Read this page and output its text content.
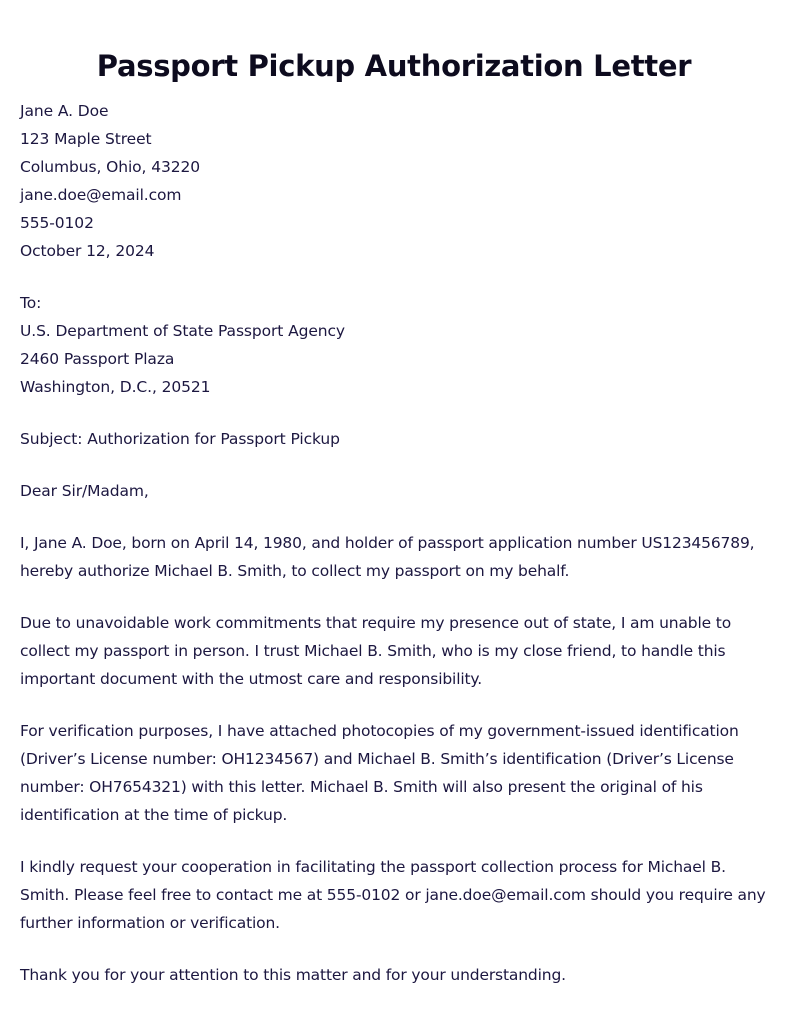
Passport Pickup Authorization Letter
Jane A. Doe
123 Maple Street
Columbus, Ohio, 43220
jane.doe@email.com
555-0102
October 12, 2024
To:
U.S. Department of State Passport Agency
2460 Passport Plaza
Washington, D.C., 20521
Subject: Authorization for Passport Pickup
Dear Sir/Madam,

I, Jane A. Doe, born on April 14, 1980, and holder of passport application number US123456789, hereby authorize Michael B. Smith, to collect my passport on my behalf.

Due to unavoidable work commitments that require my presence out of state, I am unable to collect my passport in person. I trust Michael B. Smith, who is my close friend, to handle this important document with the utmost care and responsibility.

For verification purposes, I have attached photocopies of my government-issued identification (Driver’s License number: OH1234567) and Michael B. Smith’s identification (Driver’s License number: OH7654321) with this letter. Michael B. Smith will also present the original of his identification at the time of pickup.

I kindly request your cooperation in facilitating the passport collection process for Michael B. Smith. Please feel free to contact me at 555-0102 or jane.doe@email.com should you require any further information or verification.

Thank you for your attention to this matter and for your understanding.
